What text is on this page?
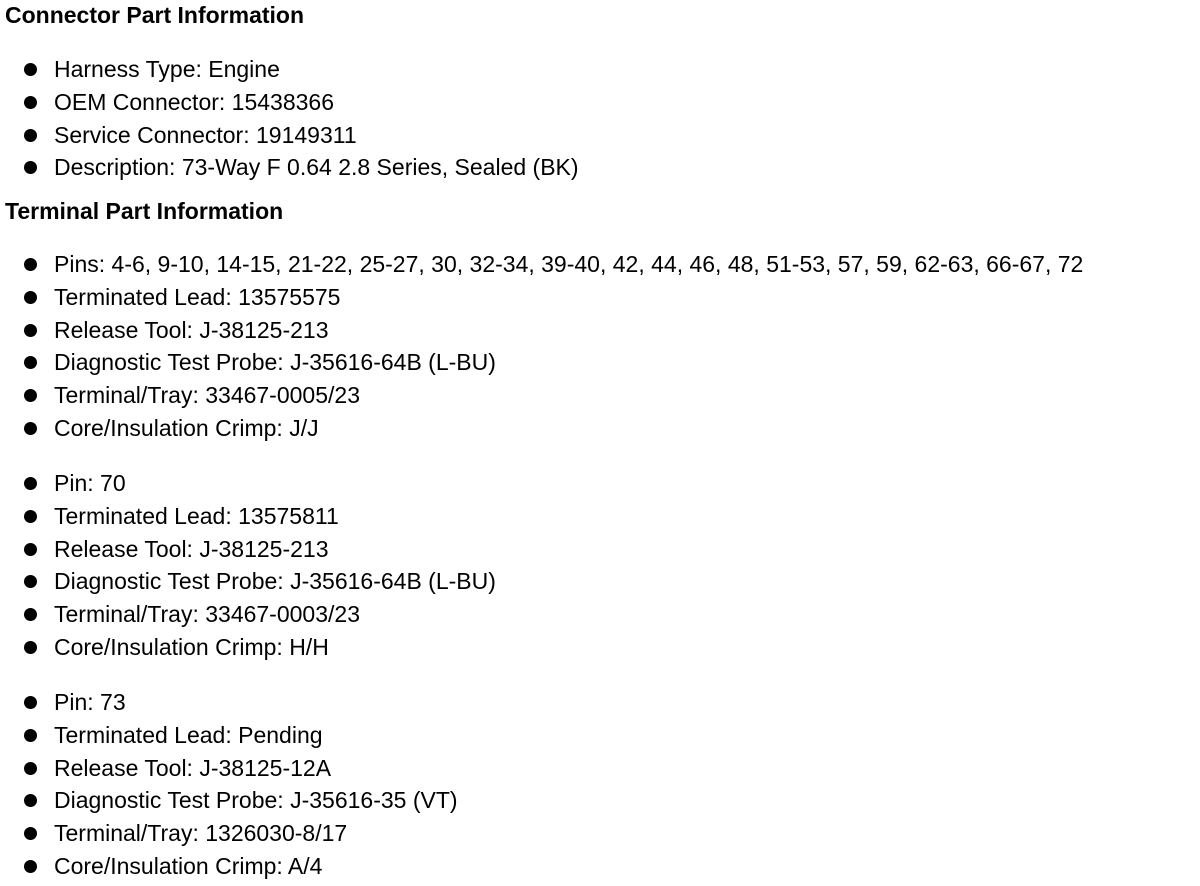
Connector Part Information
Harness Type: Engine
OEM Connector: 15438366
Service Connector: 19149311
Description: 73-Way F 0.64 2.8 Series, Sealed (BK)
Terminal Part Information
Pins: 4-6, 9-10, 14-15, 21-22, 25-27, 30, 32-34, 39-40, 42, 44, 46, 48, 51-53, 57, 59, 62-63, 66-67, 72
Terminated Lead: 13575575
Release Tool: J-38125-213
Diagnostic Test Probe: J-35616-64B (L-BU)
Terminal/Tray: 33467-0005/23
Core/Insulation Crimp: J/J
Pin: 70
Terminated Lead: 13575811
Release Tool: J-38125-213
Diagnostic Test Probe: J-35616-64B (L-BU)
Terminal/Tray: 33467-0003/23
Core/Insulation Crimp: H/H
Pin: 73
Terminated Lead: Pending
Release Tool: J-38125-12A
Diagnostic Test Probe: J-35616-35 (VT)
Terminal/Tray: 1326030-8/17
Core/Insulation Crimp: A/4
